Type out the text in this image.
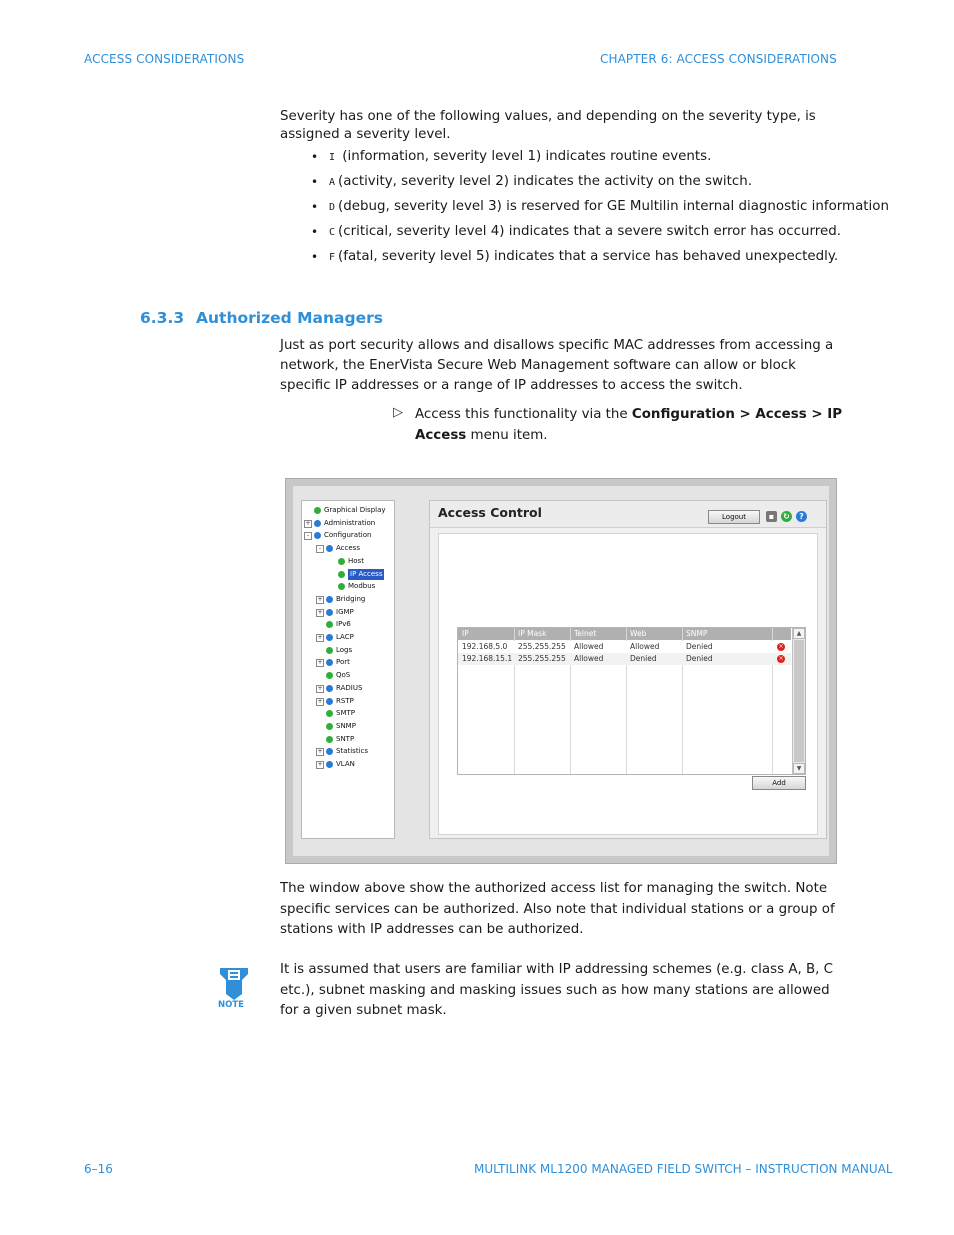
ACCESS CONSIDERATIONS	CHAPTER 6: ACCESS CONSIDERATIONS
Severity has one of the following values, and depending on the severity type, is assigned a severity level.
• I (information, severity level 1) indicates routine events.
• A (activity, severity level 2) indicates the activity on the switch.
• D (debug, severity level 3) is reserved for GE Multilin internal diagnostic information
• C (critical, severity level 4) indicates that a severe switch error has occurred.
• F (fatal, severity level 5) indicates that a service has behaved unexpectedly.
6.3.3 Authorized Managers
Just as port security allows and disallows specific MAC addresses from accessing a network, the EnerVista Secure Web Management software can allow or block specific IP addresses or a range of IP addresses to access the switch.
▷ Access this functionality via the Configuration > Access > IP Access menu item.
Graphical Display
+ Administration
-	Configuration
-	Access
Host
IP Access
Modbus
+ Bridging
+ IGMP
IPv6
+ LACP
Logs
+ Port
QoS
+ RADIUS
+ RSTP
SMTP
SNMP
SNTP
+ Statistics
+ VLAN
Access Control	Logout	▪	↻	?
IP	IP Mask	Telnet	Web	SNMP	▲
▼
192.168.5.0 255.255.255 Allowed	Allowed	Denied	×
192.168.15.1 255.255.255 Allowed	Denied	Denied	×
Add
The window above show the authorized access list for managing the switch. Note specific services can be authorized. Also note that individual stations or a group of stations with IP addresses can be authorized.
NOTE
It is assumed that users are familiar with IP addressing schemes (e.g. class A, B, C etc.), subnet masking and masking issues such as how many stations are allowed for a given subnet mask.
6–16	MULTILINK ML1200 MANAGED FIELD SWITCH – INSTRUCTION MANUAL
